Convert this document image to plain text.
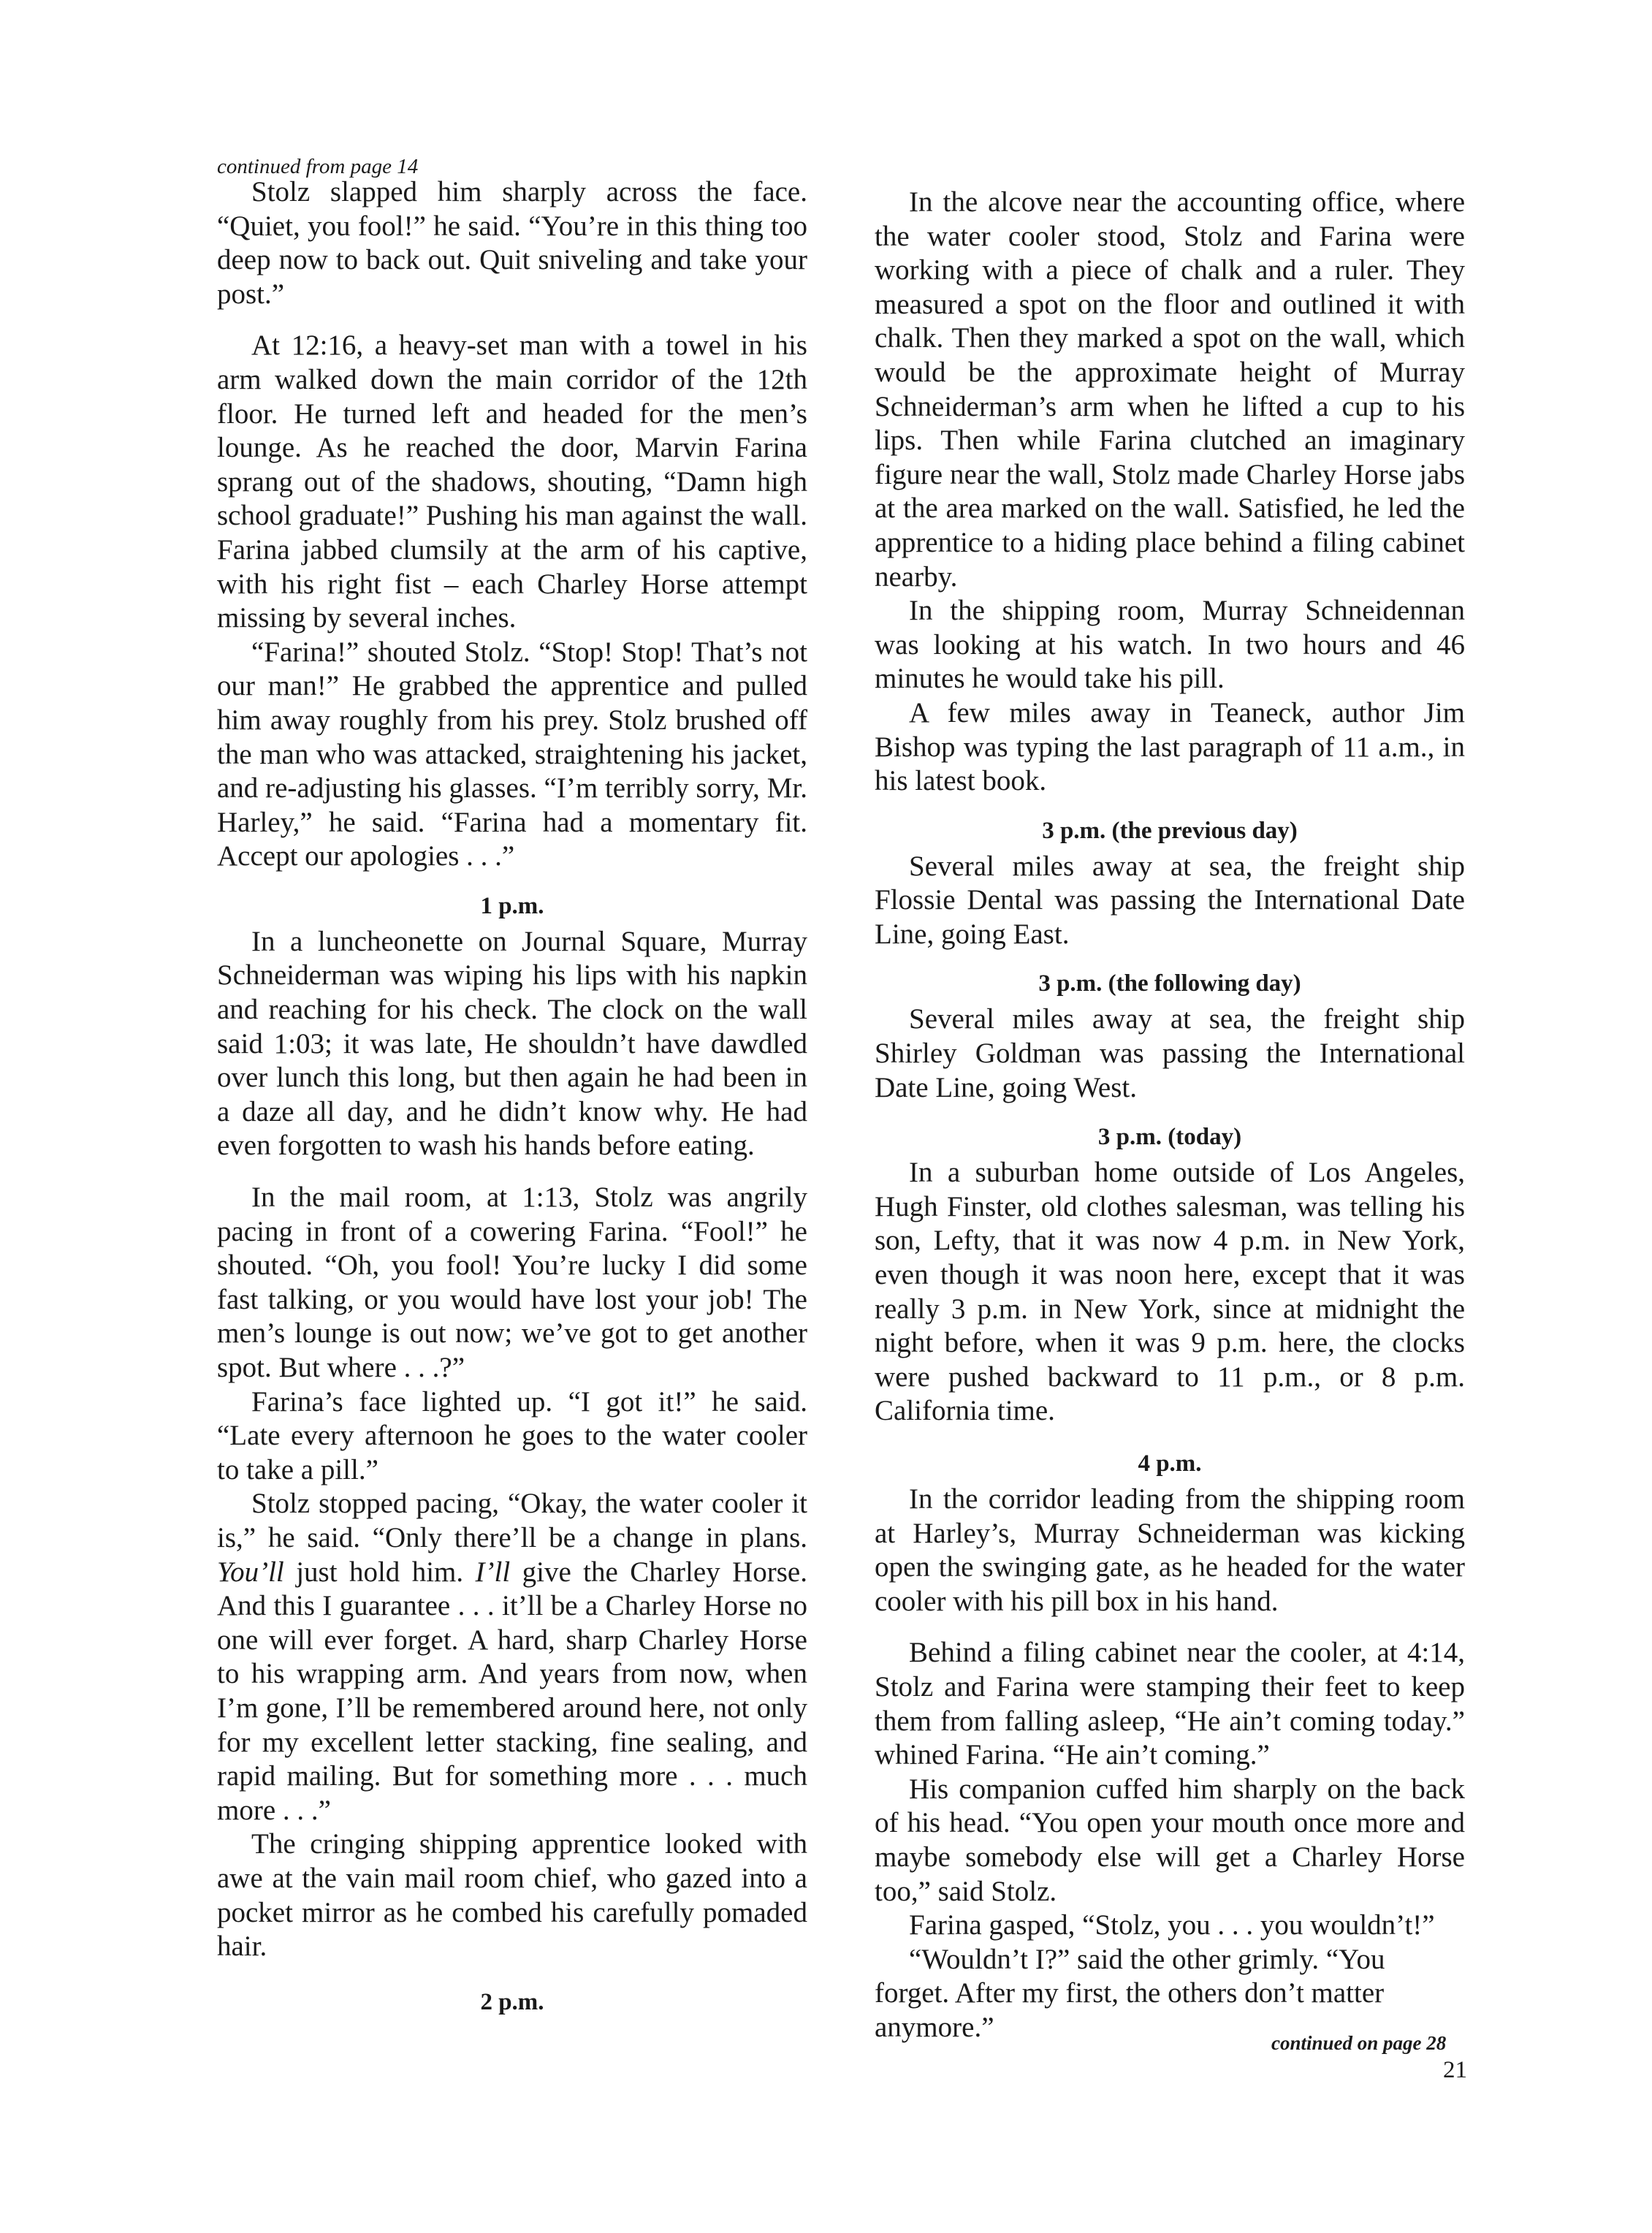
continued from page 14

Stolz slapped him sharply across the face. “Quiet, you fool!” he said. “You’re in this thing too deep now to back out. Quit sniveling and take your post.”

At 12:16, a heavy-set man with a towel in his arm walked down the main corridor of the 12th floor. He turned left and headed for the men’s lounge. As he reached the door, Marvin Farina sprang out of the shadows, shouting, “Damn high school graduate!” Pushing his man against the wall. Farina jabbed clumsily at the arm of his captive, with his right fist – each Charley Horse attempt missing by several inches.

“Farina!” shouted Stolz. “Stop! Stop! That’s not our man!” He grabbed the apprentice and pulled him away roughly from his prey. Stolz brushed off the man who was attacked, straightening his jacket, and re-adjusting his glasses. “I’m terribly sorry, Mr. Harley,” he said. “Farina had a momentary fit. Accept our apologies . . .”

1 p.m.

In a luncheonette on Journal Square, Murray Schneiderman was wiping his lips with his napkin and reaching for his check. The clock on the wall said 1:03; it was late, He shouldn’t have dawdled over lunch this long, but then again he had been in a daze all day, and he didn’t know why. He had even forgotten to wash his hands before eating.

In the mail room, at 1:13, Stolz was angrily pacing in front of a cowering Farina. “Fool!” he shouted. “Oh, you fool! You’re lucky I did some fast talking, or you would have lost your job! The men’s lounge is out now; we’ve got to get another spot. But where . . .?”

Farina’s face lighted up. “I got it!” he said. “Late every afternoon he goes to the water cooler to take a pill.”

Stolz stopped pacing, “Okay, the water cooler it is,” he said. “Only there’ll be a change in plans. You’ll just hold him. I’ll give the Charley Horse. And this I guarantee . . . it’ll be a Charley Horse no one will ever forget. A hard, sharp Charley Horse to his wrapping arm. And years from now, when I’m gone, I’ll be remembered around here, not only for my excellent letter stacking, fine sealing, and rapid mailing. But for something more . . . much more . . .”

The cringing shipping apprentice looked with awe at the vain mail room chief, who gazed into a pocket mirror as he combed his carefully pomaded hair.

2 p.m.

In the alcove near the accounting office, where the water cooler stood, Stolz and Farina were working with a piece of chalk and a ruler. They measured a spot on the floor and outlined it with chalk. Then they marked a spot on the wall, which would be the approximate height of Murray Schneiderman’s arm when he lifted a cup to his lips. Then while Farina clutched an imaginary figure near the wall, Stolz made Charley Horse jabs at the area marked on the wall. Satisfied, he led the apprentice to a hiding place behind a filing cabinet nearby.

In the shipping room, Murray Schneidennan was looking at his watch. In two hours and 46 minutes he would take his pill.

A few miles away in Teaneck, author Jim Bishop was typing the last paragraph of 11 a.m., in his latest book.

3 p.m. (the previous day)

Several miles away at sea, the freight ship Flossie Dental was passing the International Date Line, going East.

3 p.m. (the following day)

Several miles away at sea, the freight ship Shirley Goldman was passing the International Date Line, going West.

3 p.m. (today)

In a suburban home outside of Los Angeles, Hugh Finster, old clothes salesman, was telling his son, Lefty, that it was now 4 p.m. in New York, even though it was noon here, except that it was really 3 p.m. in New York, since at midnight the night before, when it was 9 p.m. here, the clocks were pushed backward to 11 p.m., or 8 p.m. California time.

4 p.m.

In the corridor leading from the shipping room at Harley’s, Murray Schneiderman was kicking open the swinging gate, as he headed for the water cooler with his pill box in his hand.

Behind a filing cabinet near the cooler, at 4:14, Stolz and Farina were stamping their feet to keep them from falling asleep, “He ain’t coming today.” whined Farina. “He ain’t coming.”

His companion cuffed him sharply on the back of his head. “You open your mouth once more and maybe somebody else will get a Charley Horse too,” said Stolz.

Farina gasped, “Stolz, you . . . you wouldn’t!”

“Wouldn’t I?” said the other grimly. “You forget. After my first, the others don’t matter anymore.”

continued on page 28
21
